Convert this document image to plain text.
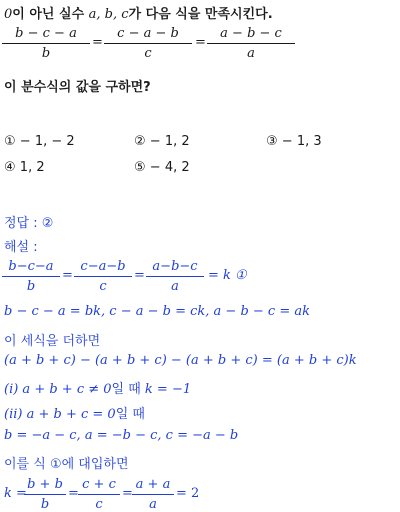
0이 아닌 실수 a, b, c가 다음 식을 만족시킨다.
$\frac{b - c - a}{b} = \frac{c - a - b}{c} = \frac{a - b - c}{a}$
이 분수식의 값을 구하면?
① − 1, − 2	② − 1, 2	③ − 1, 3
④ 1, 2	⑤ − 4, 2
정답 : ②
해설 :
$\frac{b-c-a}{b} = \frac{c-a-b}{c} = \frac{a-b-c}{a} = k$ ①
b − c − a = bk, c − a − b = ck, a − b − c = ak
이 세식을 더하면
(a + b + c) − (a + b + c) − (a + b + c) = (a + b + c)k
(i) a + b + c ≠ 0일 때 k = −1
(ii) a + b + c = 0일 때
b = −a − c, a = −b − c, c = −a − b
이를 식 ①에 대입하면
k =
$\frac{b + b}{b} = \frac{c + c}{c} = \frac{a + a}{a} = 2$
